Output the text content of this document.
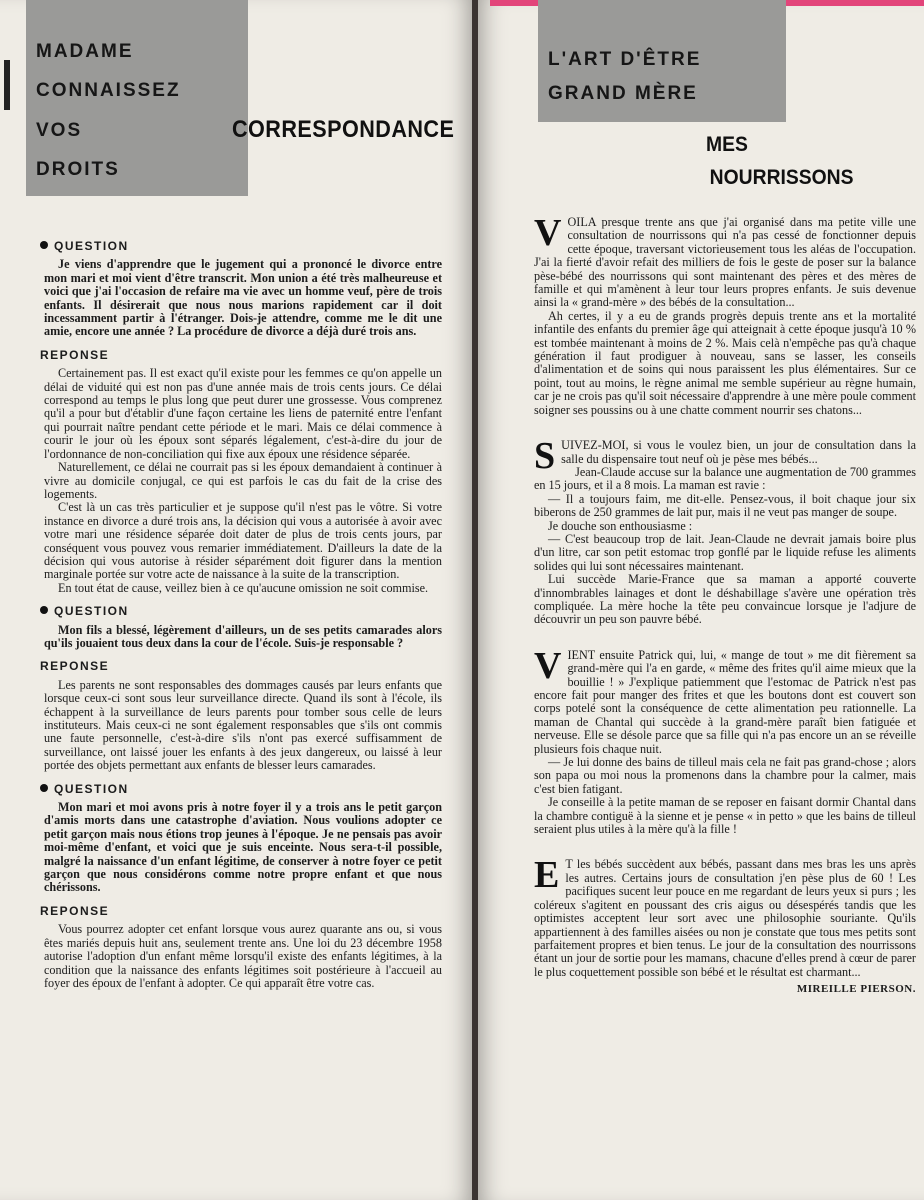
MADAME
CONNAISSEZ
VOS
DROITS
CORRESPONDANCE
QUESTION

Je viens d'apprendre que le jugement qui a prononcé le divorce entre mon mari et moi vient d'être transcrit. Mon union a été très malheureuse et voici que j'ai l'occasion de refaire ma vie avec un homme veuf, père de trois enfants. Il désirerait que nous nous marions rapidement car il doit incessamment partir à l'étranger. Dois-je attendre, comme me le dit une amie, encore une année ? La procédure de divorce a déjà duré trois ans.

REPONSE

Certainement pas. Il est exact qu'il existe pour les femmes ce qu'on appelle un délai de viduité qui est non pas d'une année mais de trois cents jours. Ce délai correspond au temps le plus long que peut durer une grossesse. Vous comprenez qu'il a pour but d'établir d'une façon certaine les liens de paternité entre l'enfant qui pourrait naître pendant cette période et le mari. Mais ce délai commence à courir le jour où les époux sont séparés légalement, c'est-à-dire du jour de l'ordonnance de non-conciliation qui fixe aux époux une résidence séparée.

Naturellement, ce délai ne courrait pas si les époux demandaient à continuer à vivre au domicile conjugal, ce qui est parfois le cas du fait de la crise des logements.

C'est là un cas très particulier et je suppose qu'il n'est pas le vôtre. Si votre instance en divorce a duré trois ans, la décision qui vous a autorisée à avoir avec votre mari une résidence séparée doit dater de plus de trois cents jours, par conséquent vous pouvez vous remarier immédiatement. D'ailleurs la date de la décision qui vous autorise à résider séparément doit figurer dans la mention marginale portée sur votre acte de naissance à la suite de la transcription.

En tout état de cause, veillez bien à ce qu'aucune omission ne soit commise.

QUESTION

Mon fils a blessé, légèrement d'ailleurs, un de ses petits camarades alors qu'ils jouaient tous deux dans la cour de l'école. Suis-je responsable ?

REPONSE

Les parents ne sont responsables des dommages causés par leurs enfants que lorsque ceux-ci sont sous leur surveillance directe. Quand ils sont à l'école, ils échappent à la surveillance de leurs parents pour tomber sous celle de leurs instituteurs. Mais ceux-ci ne sont également responsables que s'ils ont commis une faute personnelle, c'est-à-dire s'ils n'ont pas exercé suffisamment de surveillance, ont laissé jouer les enfants à des jeux dangereux, ou laissé à leur portée des objets permettant aux enfants de blesser leurs camarades.

QUESTION

Mon mari et moi avons pris à notre foyer il y a trois ans le petit garçon d'amis morts dans une catastrophe d'aviation. Nous voulions adopter ce petit garçon mais nous étions trop jeunes à l'époque. Je ne pensais pas avoir moi-même d'enfant, et voici que je suis enceinte. Nous sera-t-il possible, malgré la naissance d'un enfant légitime, de conserver à notre foyer ce petit garçon que nous considérons comme notre propre enfant et que nous chérissons.

REPONSE

Vous pourrez adopter cet enfant lorsque vous aurez quarante ans ou, si vous êtes mariés depuis huit ans, seulement trente ans. Une loi du 23 décembre 1958 autorise l'adoption d'un enfant même lorsqu'il existe des enfants légitimes, à la condition que la naissance des enfants légitimes soit postérieure à l'accueil au foyer des époux de l'enfant à adopter. Ce qui apparaît être votre cas.

L'ART D'ÊTRE
GRAND MÈRE
MES
NOURRISSONS
V OILA presque trente ans que j'ai organisé dans ma petite ville une consultation de nourrissons qui n'a pas cessé de fonctionner depuis cette époque, traversant victorieusement tous les aléas de l'occupation. J'ai la fierté d'avoir refait des milliers de fois le geste de poser sur la balance pèse-bébé des nourrissons qui sont maintenant des pères et des mères de famille et qui m'amènent à leur tour leurs propres enfants. Je suis devenue ainsi la « grand-mère » des bébés de la consultation...

Ah certes, il y a eu de grands progrès depuis trente ans et la mortalité infantile des enfants du premier âge qui atteignait à cette époque jusqu'à 10 % est tombée maintenant à moins de 2 %. Mais celà n'empêche pas qu'à chaque génération il faut prodiguer à nouveau, sans se lasser, les conseils d'alimentation et de soins qui nous paraissent les plus élémentaires. Sur ce point, tout au moins, le règne animal me semble supérieur au règne humain, car je ne crois pas qu'il soit nécessaire d'apprendre à une mère poule comment soigner ses poussins ou à une chatte comment nourrir ses chatons...

S UIVEZ-MOI, si vous le voulez bien, un jour de consultation dans la salle du dispensaire tout neuf où je pèse mes bébés...

Jean-Claude accuse sur la balance une augmentation de 700 grammes en 15 jours, et il a 8 mois. La maman est ravie :

— Il a toujours faim, me dit-elle. Pensez-vous, il boit chaque jour six biberons de 250 grammes de lait pur, mais il ne veut pas manger de soupe.

Je douche son enthousiasme :

— C'est beaucoup trop de lait. Jean-Claude ne devrait jamais boire plus d'un litre, car son petit estomac trop gonflé par le liquide refuse les aliments solides qui lui sont nécessaires maintenant.

Lui succède Marie-France que sa maman a apporté couverte d'innombrables lainages et dont le déshabillage s'avère une opération très compliquée. La mère hoche la tête peu convaincue lorsque je l'adjure de découvrir un peu son pauvre bébé.

V IENT ensuite Patrick qui, lui, « mange de tout » me dit fièrement sa grand-mère qui l'a en garde, « même des frites qu'il aime mieux que la bouillie ! » J'explique patiemment que l'estomac de Patrick n'est pas encore fait pour manger des frites et que les boutons dont est couvert son corps potelé sont la conséquence de cette alimentation peu rationnelle. La maman de Chantal qui succède à la grand-mère paraît bien fatiguée et nerveuse. Elle se désole parce que sa fille qui n'a pas encore un an se réveille plusieurs fois chaque nuit.

— Je lui donne des bains de tilleul mais cela ne fait pas grand-chose ; alors son papa ou moi nous la promenons dans la chambre pour la calmer, mais c'est bien fatigant.

Je conseille à la petite maman de se reposer en faisant dormir Chantal dans la chambre contiguë à la sienne et je pense « in petto » que les bains de tilleul seraient plus utiles à la mère qu'à la fille !

E T les bébés succèdent aux bébés, passant dans mes bras les uns après les autres. Certains jours de consultation j'en pèse plus de 60 ! Les pacifiques sucent leur pouce en me regardant de leurs yeux si purs ; les coléreux s'agitent en poussant des cris aigus ou désespérés tandis que les optimistes acceptent leur sort avec une philosophie souriante. Qu'ils appartiennent à des familles aisées ou non je constate que tous mes petits sont parfaitement propres et bien tenus. Le jour de la consultation des nourrissons étant un jour de sortie pour les mamans, chacune d'elles prend à cœur de parer le plus coquettement possible son bébé et le résultat est charmant...

MIREILLE PIERSON.
